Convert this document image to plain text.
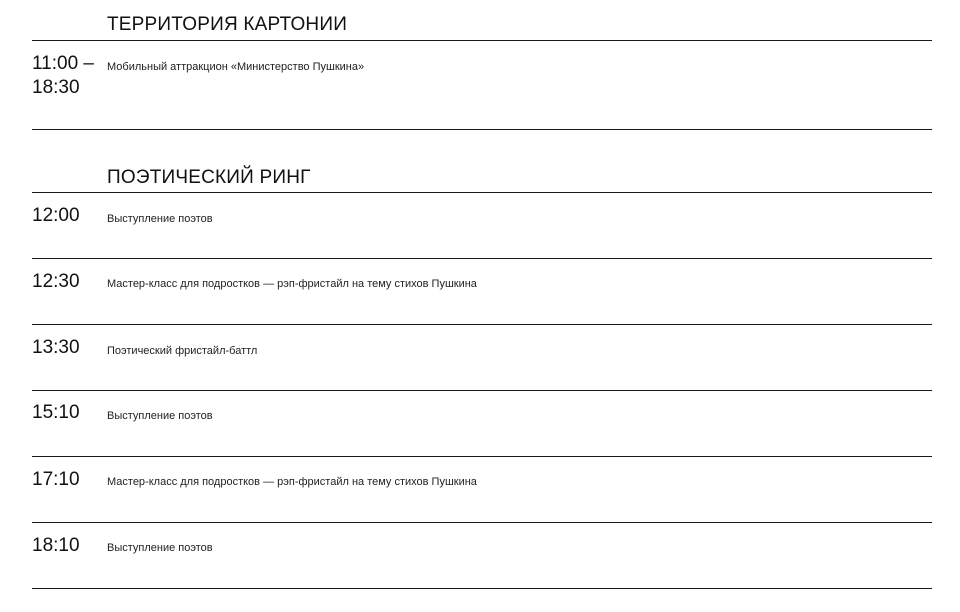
ТЕРРИТОРИЯ КАРТОНИИ
11:00 –
18:30
Мобильный аттракцион «Министерство Пушкина»
ПОЭТИЧЕСКИЙ РИНГ
12:00 Выступление поэтов
12:30 Мастер-класс для подростков — рэп-фристайл на тему стихов Пушкина
13:30 Поэтический фристайл-баттл
15:10 Выступление поэтов
17:10 Мастер-класс для подростков — рэп-фристайл на тему стихов Пушкина
18:10 Выступление поэтов
